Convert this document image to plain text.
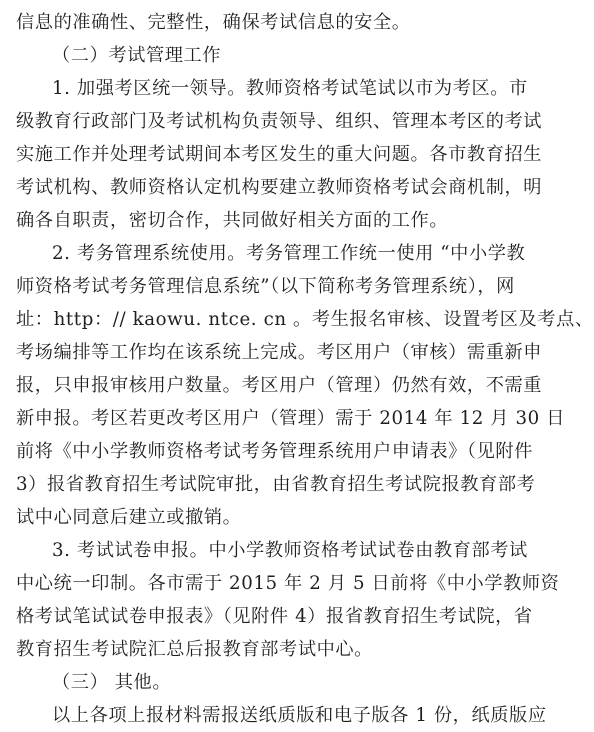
信息的准确性、完整性，确保考试信息的安全。
（二）考试管理工作
1. 加强考区统一领导。教师资格考试笔试以市为考区。市
级教育行政部门及考试机构负责领导、组织、管理本考区的考试
实施工作并处理考试期间本考区发生的重大问题。各市教育招生
考试机构、教师资格认定机构要建立教师资格考试会商机制，明
确各自职责，密切合作，共同做好相关方面的工作。
2. 考务管理系统使用。考务管理工作统一使用 “中小学教
师资格考试考务管理信息系统”（以下简称考务管理系统），网
址：http：// kaowu. ntce. cn 。考生报名审核、设置考区及考点、
考场编排等工作均在该系统上完成。考区用户（审核）需重新申
报，只申报审核用户数量。考区用户（管理）仍然有效，不需重
新申报。考区若更改考区用户（管理）需于 2014 年 12 月 30 日
前将《中小学教师资格考试考务管理系统用户申请表》（见附件
3）报省教育招生考试院审批，由省教育招生考试院报教育部考
试中心同意后建立或撤销。
3. 考试试卷申报。中小学教师资格考试试卷由教育部考试
中心统一印制。各市需于 2015 年 2 月 5 日前将《中小学教师资
格考试笔试试卷申报表》（见附件 4）报省教育招生考试院，省
教育招生考试院汇总后报教育部考试中心。
（三） 其他。
以上各项上报材料需报送纸质版和电子版各 1 份，纸质版应
